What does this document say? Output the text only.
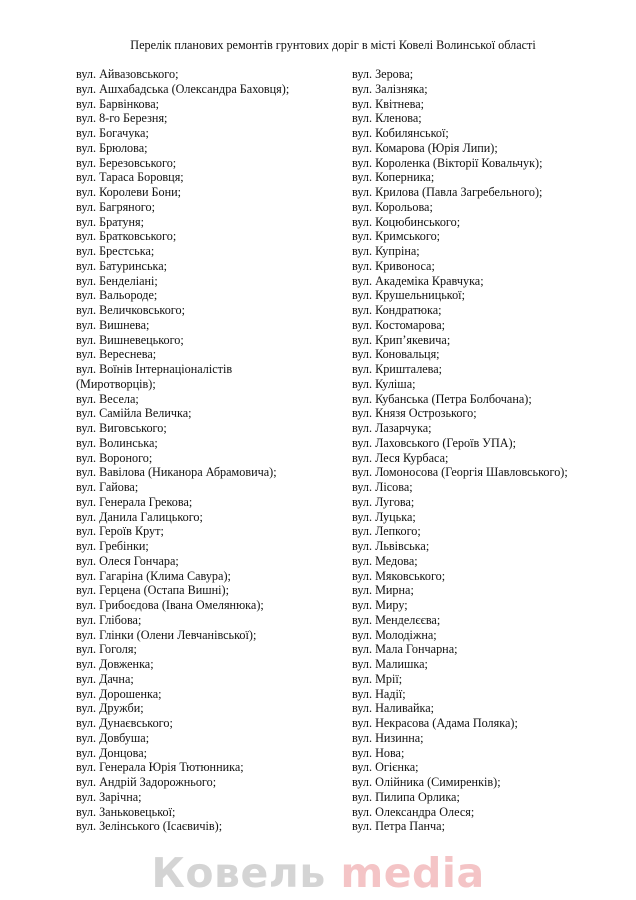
Перелік планових ремонтів грунтових доріг в місті Ковелі Волинської області
вул. Айвазовського;
вул. Ашхабадська (Олександра Баховця);
вул. Барвінкова;
вул. 8-го Березня;
вул. Богачука;
вул. Брюлова;
вул. Березовського;
вул. Тараса Боровця;
вул. Королеви Бони;
вул. Багряного;
вул. Братуня;
вул. Братковського;
вул. Брестська;
вул. Батуринська;
вул. Бенделіані;
вул. Вальороде;
вул. Величковського;
вул. Вишнева;
вул. Вишневецького;
вул. Вереснева;
вул. Воїнів Інтернаціоналістів (Миротворців);
вул. Весела;
вул. Самійла Величка;
вул. Виговського;
вул. Волинська;
вул. Вороного;
вул. Вавілова (Никанора Абрамовича);
вул. Гайова;
вул. Генерала Грекова;
вул. Данила Галицького;
вул. Героїв Крут;
вул. Гребінки;
вул. Олеся Гончара;
вул. Гагаріна (Клима Савура);
вул. Герцена (Остапа Вишні);
вул. Грибоєдова (Івана Омелянюка);
вул. Глібова;
вул. Глінки (Олени Левчанівської);
вул. Гоголя;
вул. Довженка;
вул. Дачна;
вул. Дорошенка;
вул. Дружби;
вул. Дунаєвського;
вул. Довбуша;
вул. Донцова;
вул. Генерала Юрія Тютюнника;
вул. Андрій Задорожнього;
вул. Зарічна;
вул. Заньковецької;
вул. Зелінського (Ісаєвичів);
вул. Зерова;
вул. Залізняка;
вул. Квітнева;
вул. Кленова;
вул. Кобилянської;
вул. Комарова (Юрія Липи);
вул. Короленка (Вікторії Ковальчук);
вул. Коперника;
вул. Крилова (Павла Загребельного);
вул. Корольова;
вул. Коцюбинського;
вул. Кримського;
вул. Купріна;
вул. Кривоноса;
вул. Академіка Кравчука;
вул. Крушельницької;
вул. Кондратюка;
вул. Костомарова;
вул. Крип’якевича;
вул. Коновальця;
вул. Кришталева;
вул. Куліша;
вул. Кубанська (Петра Болбочана);
вул. Князя Острозького;
вул. Лазарчука;
вул. Лаховського (Героїв УПА);
вул. Леся Курбаса;
вул. Ломоносова (Георгія Шавловського);
вул. Лісова;
вул. Лугова;
вул. Луцька;
вул. Лепкого;
вул. Львівська;
вул. Медова;
вул. Мяковського;
вул. Мирна;
вул. Миру;
вул. Менделєєва;
вул. Молодіжна;
вул. Мала Гончарна;
вул. Малишка;
вул. Мрії;
вул. Надії;
вул. Наливайка;
вул. Некрасова (Адама Поляка);
вул. Низинна;
вул. Нова;
вул. Огієнка;
вул. Олійника (Симиренків);
вул. Пилипа Орлика;
вул. Олександра Олеся;
вул. Петра Панча;
Ковель media
